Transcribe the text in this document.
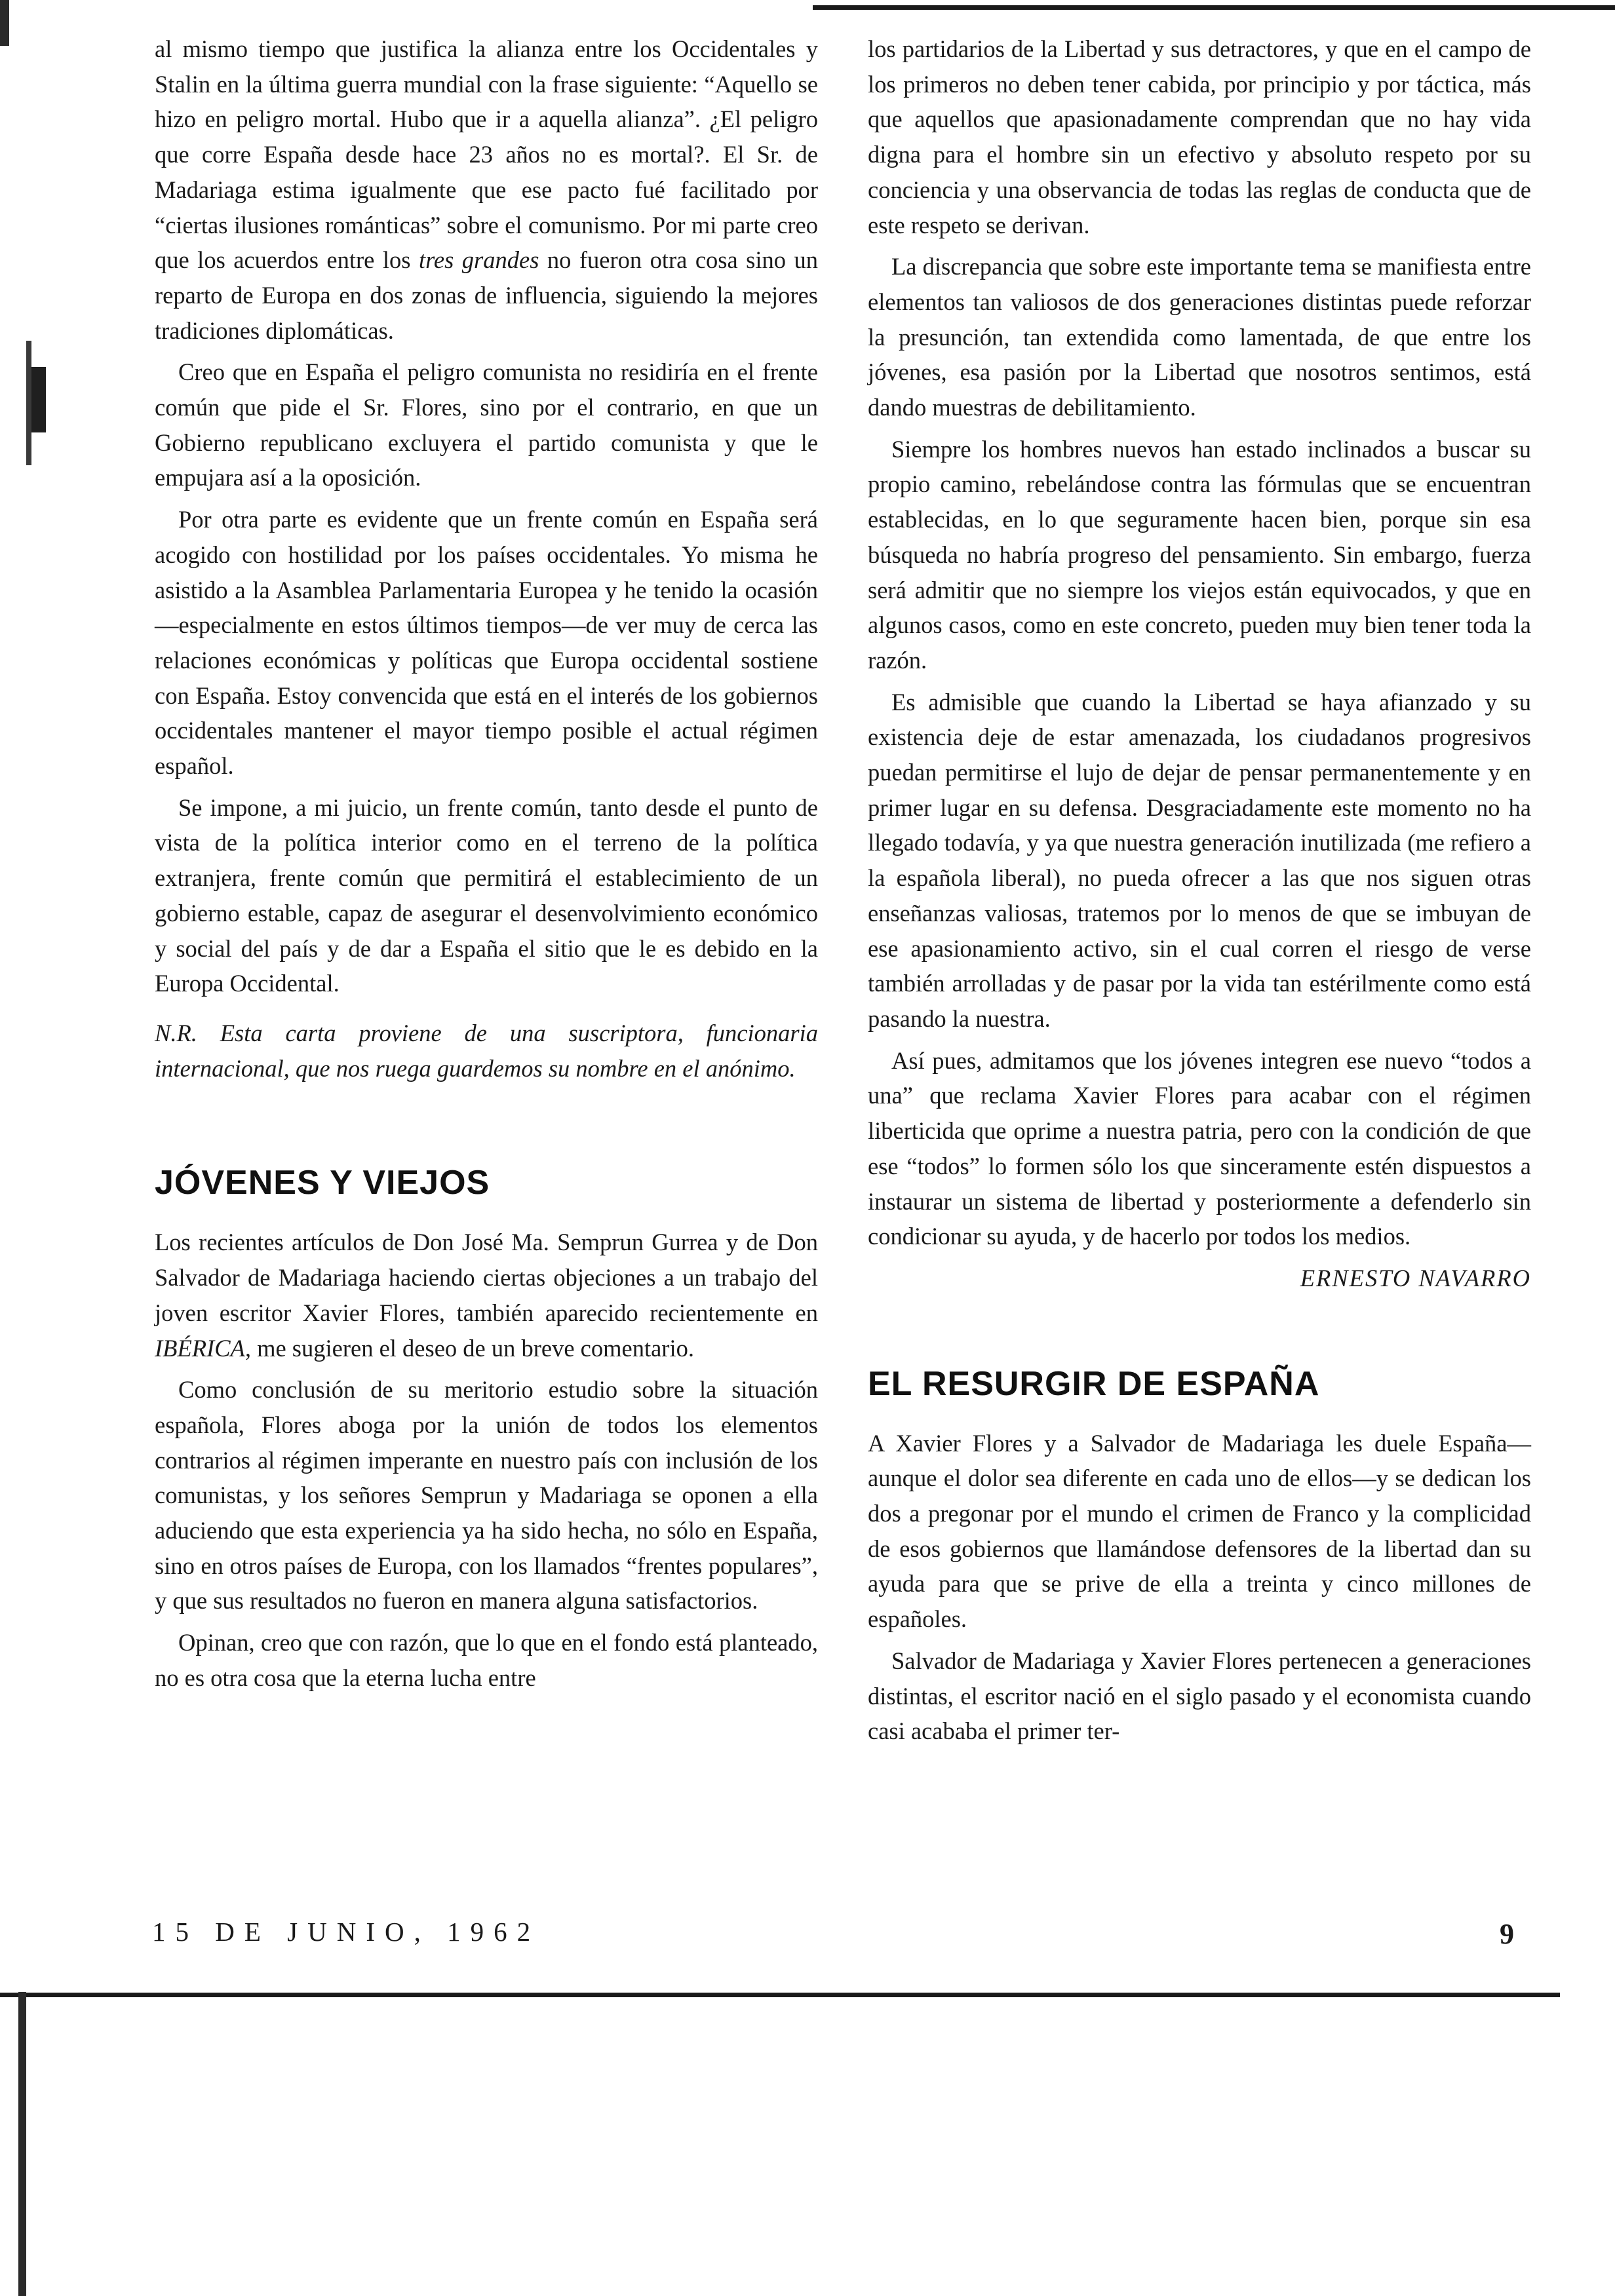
al mismo tiempo que justifica la alianza entre los Occidentales y Stalin en la última guerra mundial con la frase siguiente: “Aquello se hizo en peligro mortal. Hubo que ir a aquella alianza”. ¿El peligro que corre España desde hace 23 años no es mortal?. El Sr. de Madariaga estima igualmente que ese pacto fué facilitado por “ciertas ilusiones románticas” sobre el comunismo. Por mi parte creo que los acuerdos entre los tres grandes no fueron otra cosa sino un reparto de Europa en dos zonas de influencia, siguiendo la mejores tradiciones diplomáticas.

Creo que en España el peligro comunista no residiría en el frente común que pide el Sr. Flores, sino por el contrario, en que un Gobierno republicano excluyera el partido comunista y que le empujara así a la oposición.

Por otra parte es evidente que un frente común en España será acogido con hostilidad por los países occidentales. Yo misma he asistido a la Asamblea Parlamentaria Europea y he tenido la ocasión—especialmente en estos últimos tiempos—de ver muy de cerca las relaciones económicas y políticas que Europa occidental sostiene con España. Estoy convencida que está en el interés de los gobiernos occidentales mantener el mayor tiempo posible el actual régimen español.

Se impone, a mi juicio, un frente común, tanto desde el punto de vista de la política interior como en el terreno de la política extranjera, frente común que permitirá el establecimiento de un gobierno estable, capaz de asegurar el desenvolvimiento económico y social del país y de dar a España el sitio que le es debido en la Europa Occidental.

N.R. Esta carta proviene de una suscriptora, funcionaria internacional, que nos ruega guardemos su nombre en el anónimo.

JÓVENES Y VIEJOS

Los recientes artículos de Don José Ma. Semprun Gurrea y de Don Salvador de Madariaga haciendo ciertas objeciones a un trabajo del joven escritor Xavier Flores, también aparecido recientemente en IBÉRICA, me sugieren el deseo de un breve comentario.

Como conclusión de su meritorio estudio sobre la situación española, Flores aboga por la unión de todos los elementos contrarios al régimen imperante en nuestro país con inclusión de los comunistas, y los señores Semprun y Madariaga se oponen a ella aduciendo que esta experiencia ya ha sido hecha, no sólo en España, sino en otros países de Europa, con los llamados “frentes populares”, y que sus resultados no fueron en manera alguna satisfactorios.

Opinan, creo que con razón, que lo que en el fondo está planteado, no es otra cosa que la eterna lucha entre

los partidarios de la Libertad y sus detractores, y que en el campo de los primeros no deben tener cabida, por principio y por táctica, más que aquellos que apasionadamente comprendan que no hay vida digna para el hombre sin un efectivo y absoluto respeto por su conciencia y una observancia de todas las reglas de conducta que de este respeto se derivan.

La discrepancia que sobre este importante tema se manifiesta entre elementos tan valiosos de dos generaciones distintas puede reforzar la presunción, tan extendida como lamentada, de que entre los jóvenes, esa pasión por la Libertad que nosotros sentimos, está dando muestras de debilitamiento.

Siempre los hombres nuevos han estado inclinados a buscar su propio camino, rebelándose contra las fórmulas que se encuentran establecidas, en lo que seguramente hacen bien, porque sin esa búsqueda no habría progreso del pensamiento. Sin embargo, fuerza será admitir que no siempre los viejos están equivocados, y que en algunos casos, como en este concreto, pueden muy bien tener toda la razón.

Es admisible que cuando la Libertad se haya afianzado y su existencia deje de estar amenazada, los ciudadanos progresivos puedan permitirse el lujo de dejar de pensar permanentemente y en primer lugar en su defensa. Desgraciadamente este momento no ha llegado todavía, y ya que nuestra generación inutilizada (me refiero a la española liberal), no pueda ofrecer a las que nos siguen otras enseñanzas valiosas, tratemos por lo menos de que se imbuyan de ese apasionamiento activo, sin el cual corren el riesgo de verse también arrolladas y de pasar por la vida tan estérilmente como está pasando la nuestra.

Así pues, admitamos que los jóvenes integren ese nuevo “todos a una” que reclama Xavier Flores para acabar con el régimen liberticida que oprime a nuestra patria, pero con la condición de que ese “todos” lo formen sólo los que sinceramente estén dispuestos a instaurar un sistema de libertad y posteriormente a defenderlo sin condicionar su ayuda, y de hacerlo por todos los medios.

ERNESTO NAVARRO

EL RESURGIR DE ESPAÑA

A Xavier Flores y a Salvador de Madariaga les duele España—aunque el dolor sea diferente en cada uno de ellos—y se dedican los dos a pregonar por el mundo el crimen de Franco y la complicidad de esos gobiernos que llamándose defensores de la libertad dan su ayuda para que se prive de ella a treinta y cinco millones de españoles.

Salvador de Madariaga y Xavier Flores pertenecen a generaciones distintas, el escritor nació en el siglo pasado y el economista cuando casi acababa el primer ter-

15 DE JUNIO, 1962	9
